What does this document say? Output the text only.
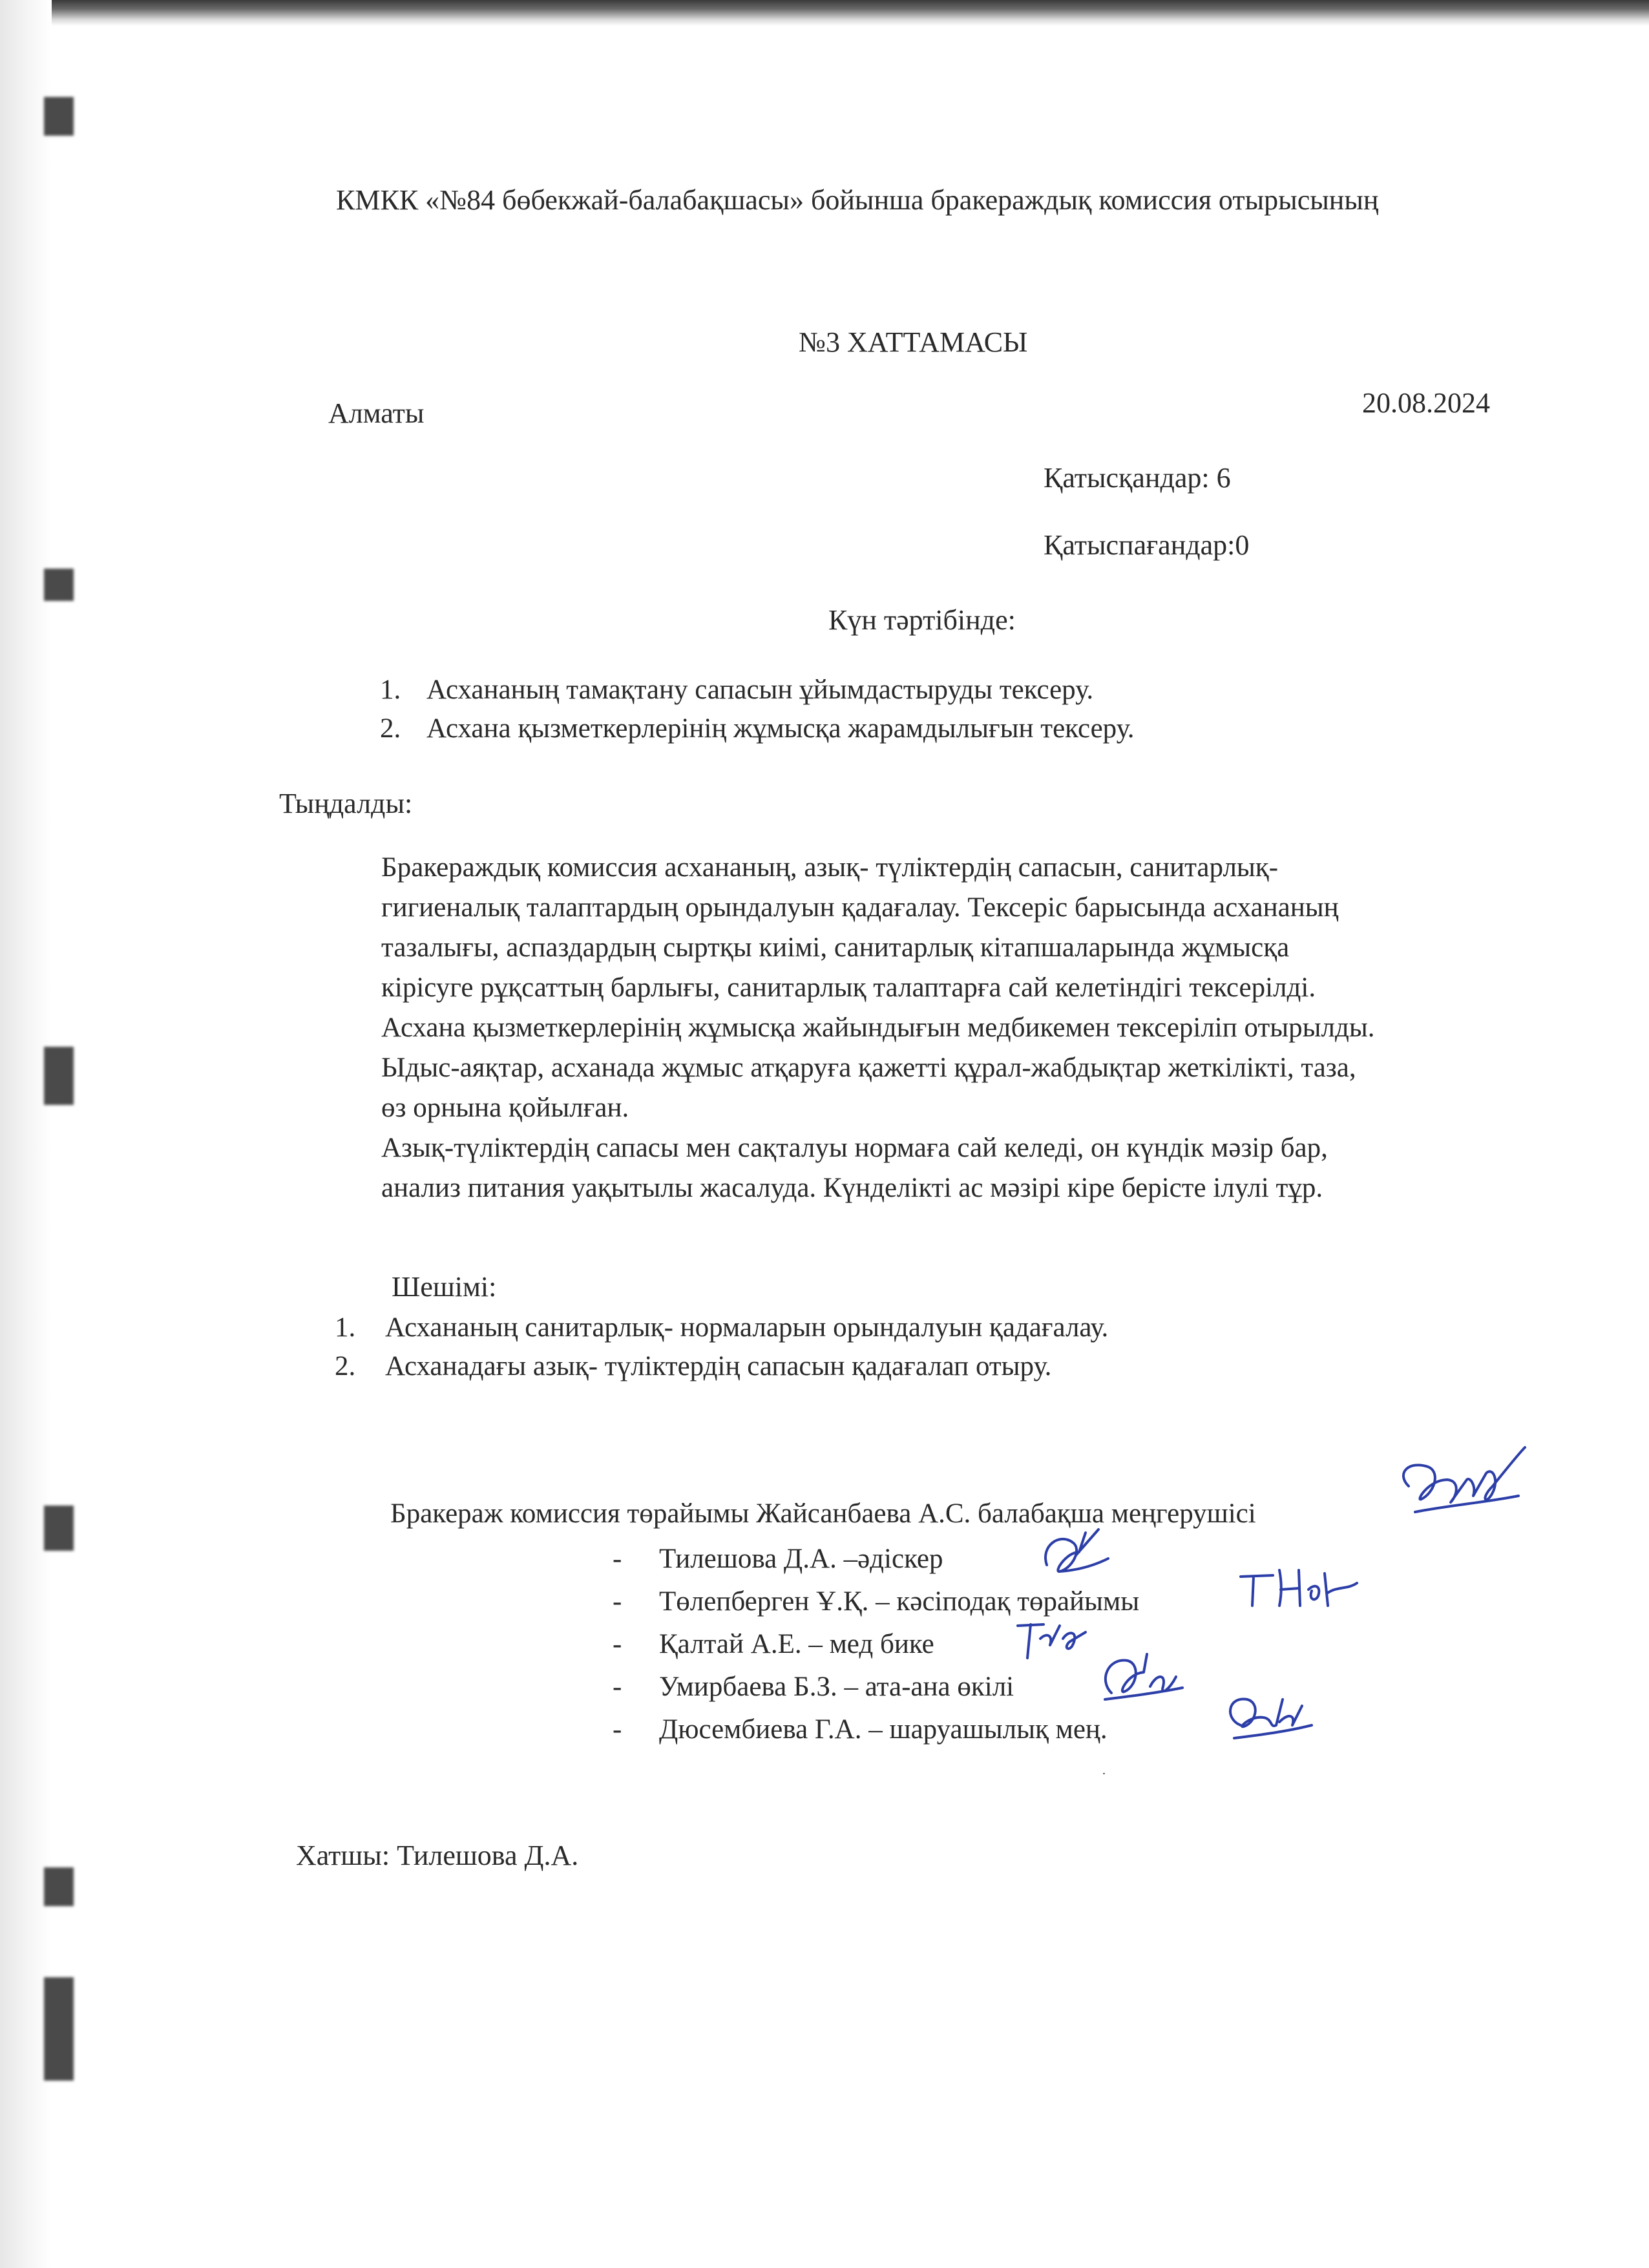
КМКК «№84 бөбекжай-балабақшасы» бойынша бракераждық комиссия отырысының
№3 ХАТТАМАСЫ
Алматы	20.08.2024
Қатысқандар: 6
Қатыспағандар:0
Күн тәртібінде:
1. Асхананың тамақтану сапасын ұйымдастыруды тексеру.
2. Асхана қызметкерлерінің жұмысқа жарамдылығын тексеру.
Тыңдалды:
Бракераждық комиссия асхананың, азық- түліктердің сапасын, санитарлық-
гигиеналық талаптардың орындалуын қадағалау. Тексеріс барысында асхананың
тазалығы, аспаздардың сыртқы киімі, санитарлық кітапшаларында жұмысқа
кірісуге рұқсаттың барлығы, санитарлық талаптарға сай келетіндігі тексерілді.
Асхана қызметкерлерінің жұмысқа жайындығын медбикемен тексеріліп отырылды.
Ыдыс-аяқтар, асханада жұмыс атқаруға қажетті құрал-жабдықтар жеткілікті, таза,
өз орнына қойылған.
Азық-түліктердің сапасы мен сақталуы нормаға сай келеді, он күндік мәзір бар,
анализ питания уақытылы жасалуда. Күнделікті ас мәзірі кіре берісте ілулі тұр.
Шешімі:
1. Асхананың санитарлық- нормаларын орындалуын қадағалау.
2. Асханадағы азық- түліктердің сапасын қадағалап отыру.
Бракераж комиссия төрайымы Жайсанбаева А.С. балабақша меңгерушісі
- Тилешова Д.А. –әдіскер
- Төлепберген Ұ.Қ. – кәсіподақ төрайымы
- Қалтай А.Е. – мед бике
- Умирбаева Б.З. – ата-ана өкілі
- Дюсембиева Г.А. – шаруашылық мең.
Хатшы: Тилешова Д.А.
.
